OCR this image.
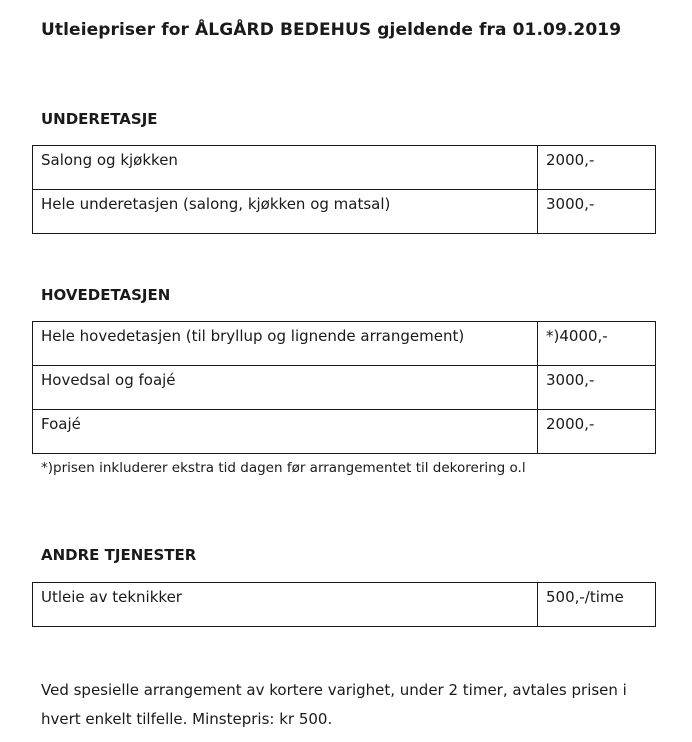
Utleiepriser for ÅLGÅRD BEDEHUS gjeldende fra 01.09.2019
UNDERETASJE
Salong og kjøkken	2000,-

Hele underetasjen (salong, kjøkken og matsal)	3000,-
HOVEDETASJEN
Hele hovedetasjen (til bryllup og lignende arrangement)	*)4000,-

Hovedsal og foajé	3000,-

Foajé	2000,-
*)prisen inkluderer ekstra tid dagen før arrangementet til dekorering o.l
ANDRE TJENESTER
Utleie av teknikker	500,-/time
Ved spesielle arrangement av kortere varighet, under 2 timer, avtales prisen i hvert enkelt tilfelle. Minstepris: kr 500.
